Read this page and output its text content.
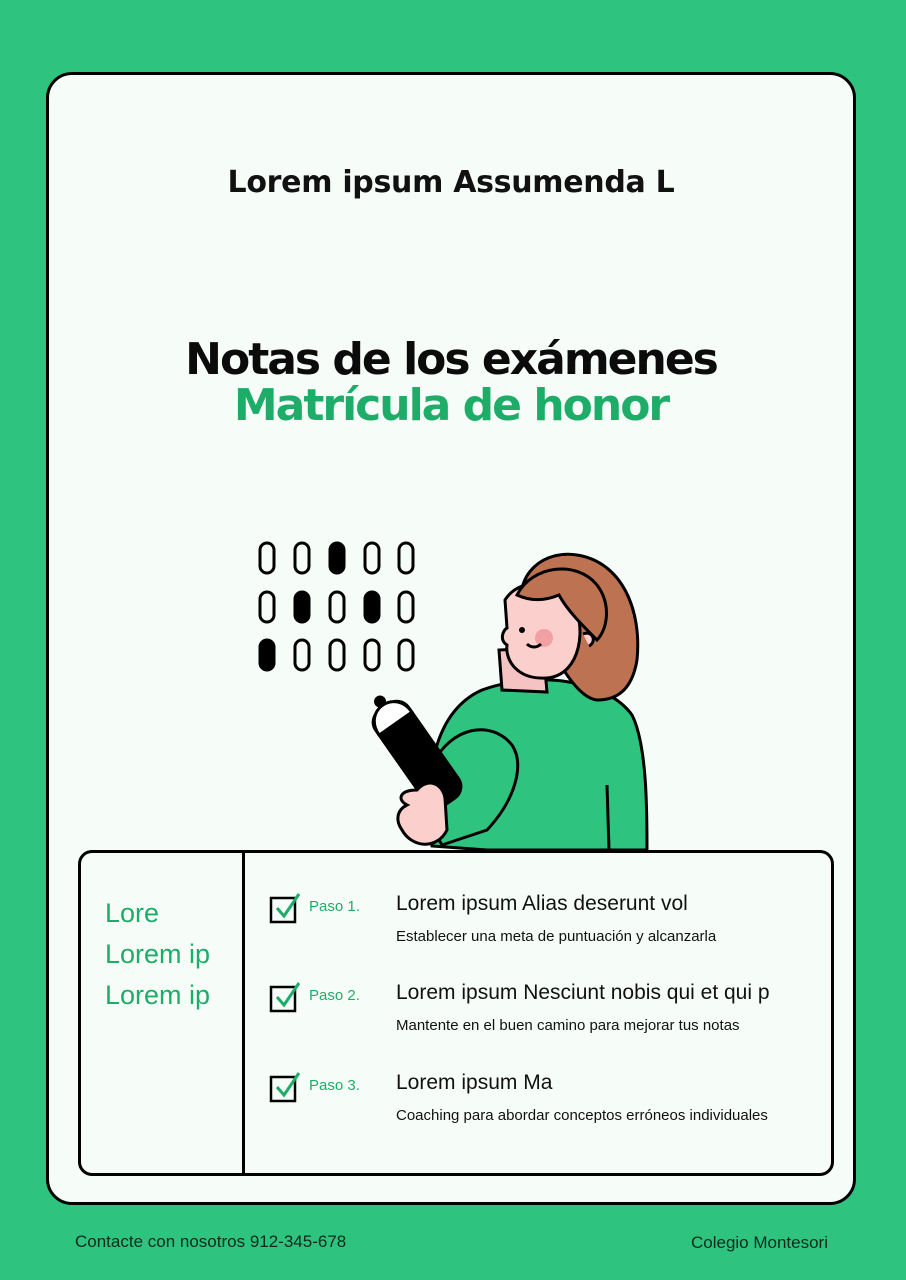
Lorem ipsum Assumenda L
Notas de los exámenes
Matrícula de honor
Lore
Lorem ip
Lorem ip
Paso 1. Lorem ipsum Alias deserunt vol
Establecer una meta de puntuación y alcanzarla
Paso 2. Lorem ipsum Nesciunt nobis qui et qui p
Mantente en el buen camino para mejorar tus notas
Paso 3. Lorem ipsum Ma
Coaching para abordar conceptos erróneos individuales
Contacte con nosotros 912-345-678	Colegio Montesori
